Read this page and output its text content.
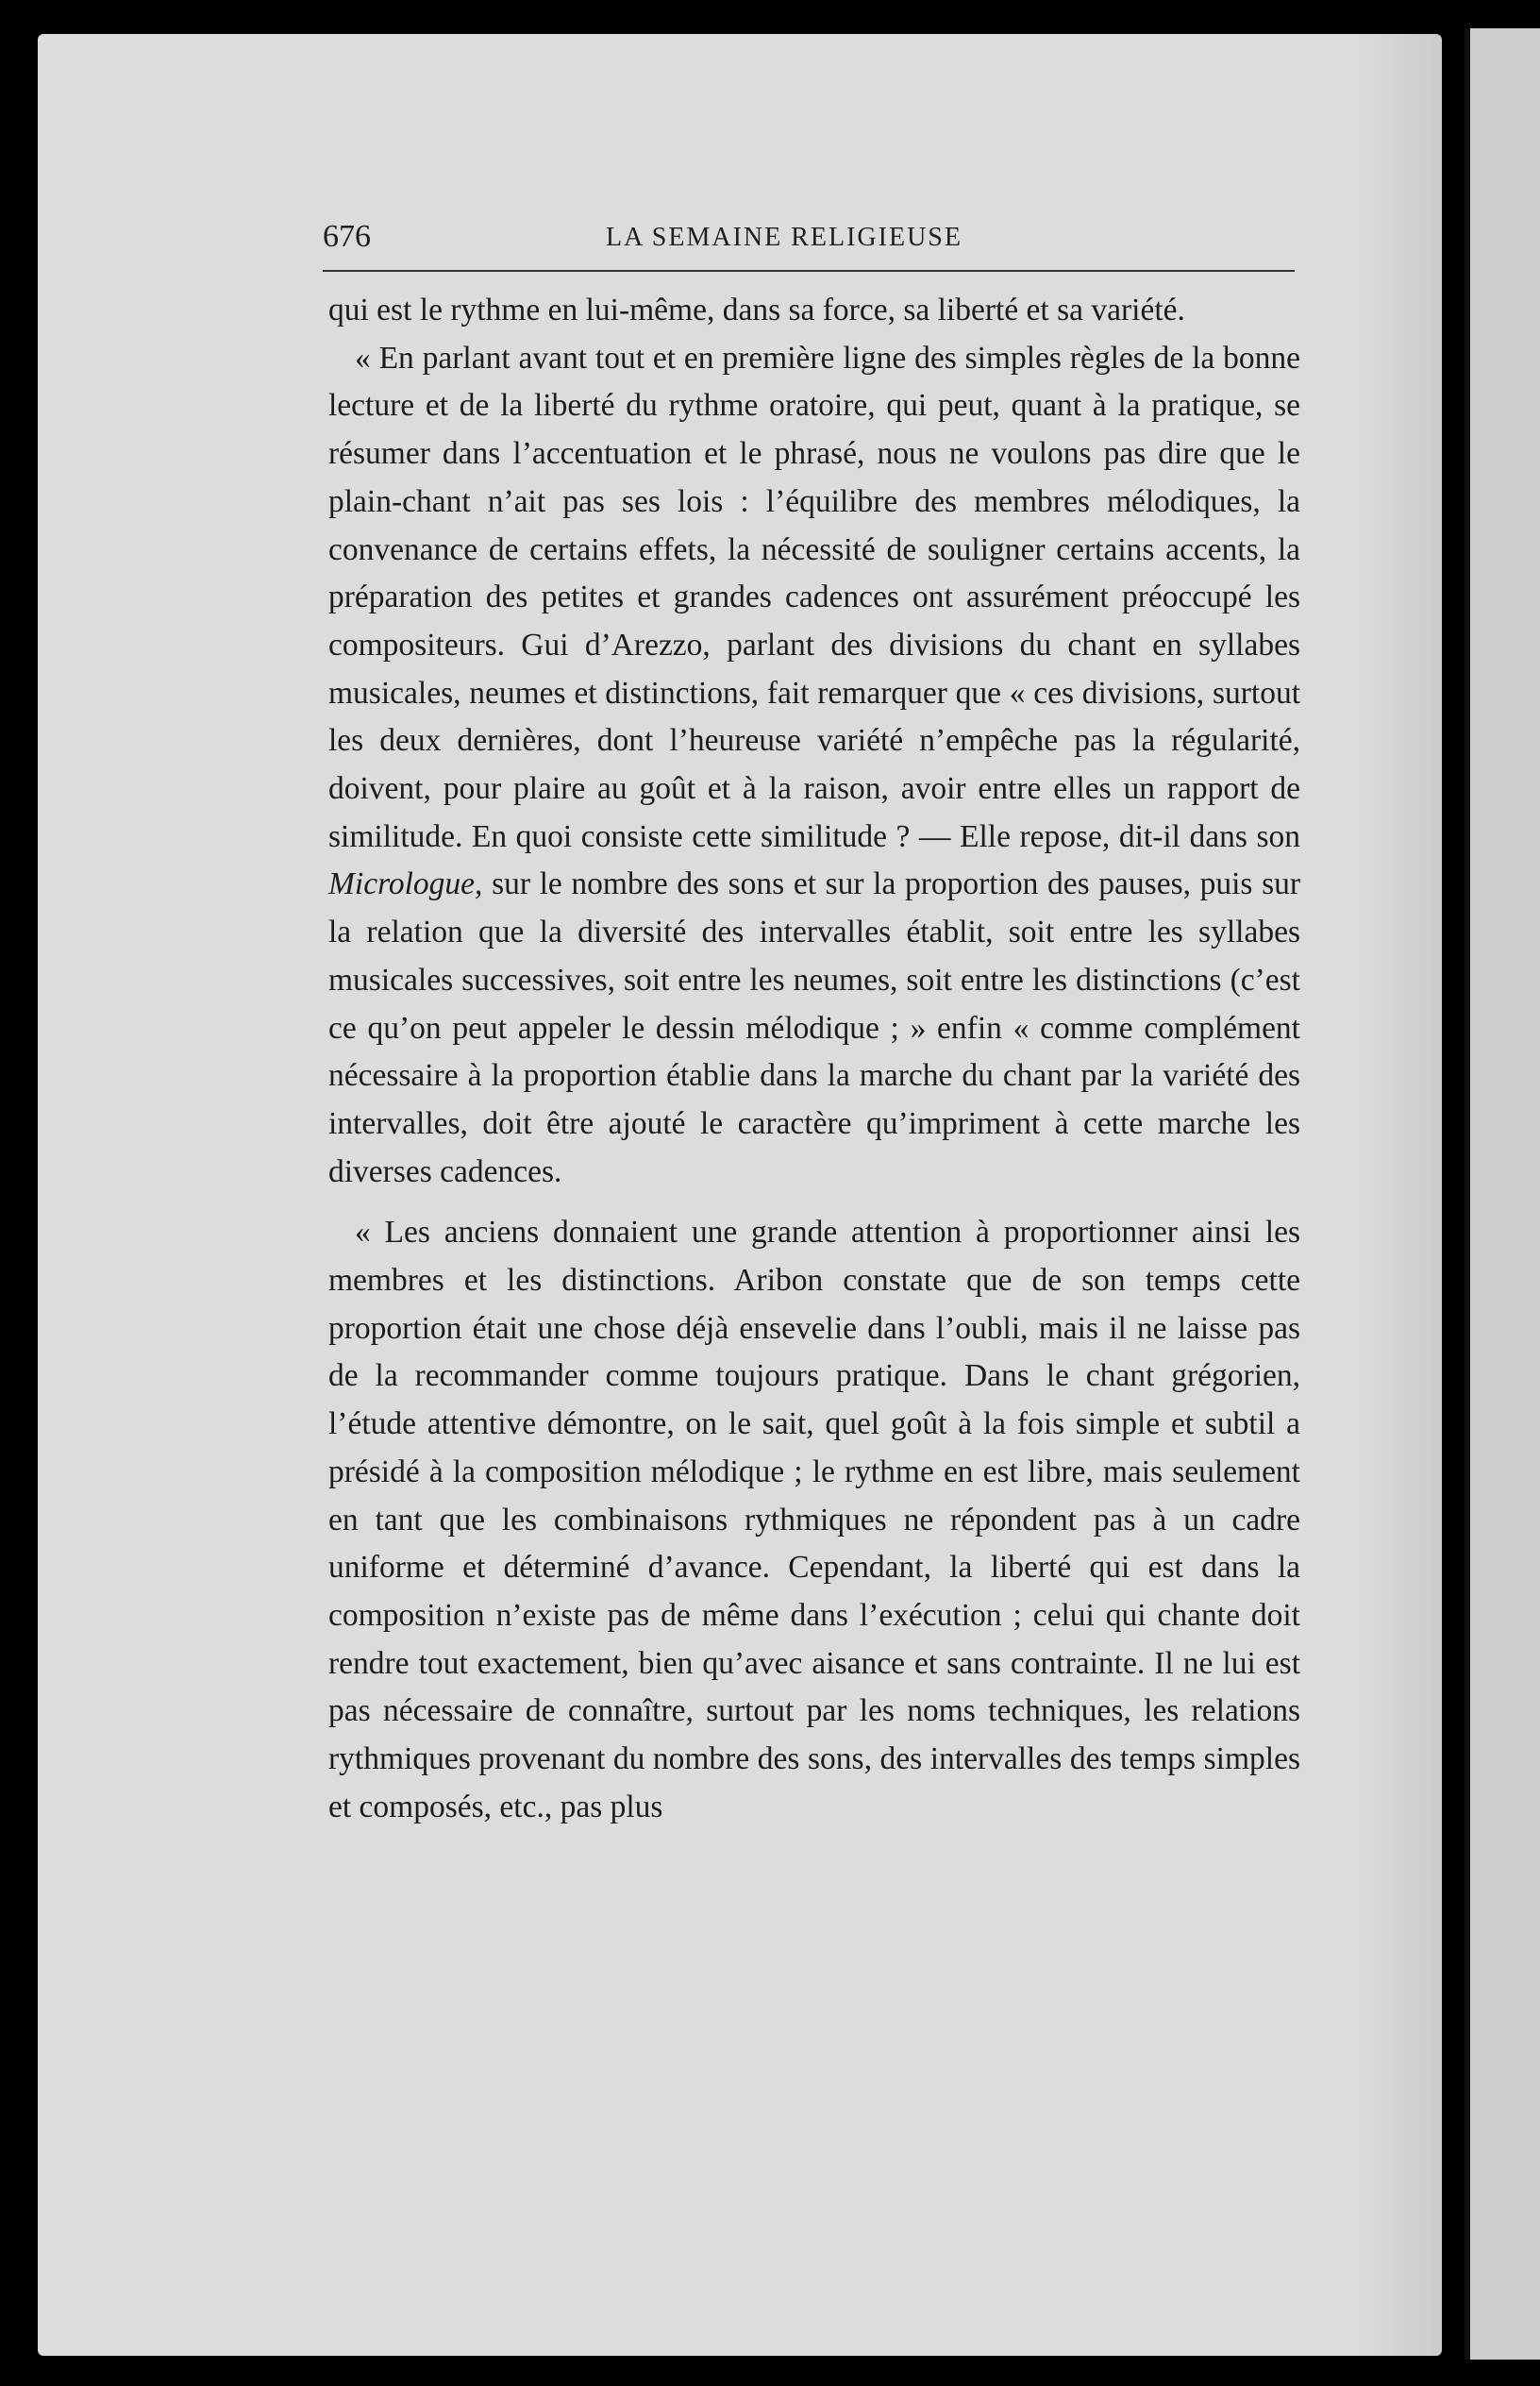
676	LA SEMAINE RELIGIEUSE

qui est le rythme en lui-même, dans sa force, sa liberté et sa variété.

« En parlant avant tout et en première ligne des simples règles de la bonne lecture et de la liberté du rythme oratoire, qui peut, quant à la pratique, se résumer dans l’accentuation et le phrasé, nous ne voulons pas dire que le plain-chant n’ait pas ses lois : l’équilibre des membres mélodiques, la convenance de certains effets, la nécessité de souligner certains accents, la préparation des petites et grandes cadences ont assurément préoccupé les compositeurs. Gui d’Arezzo, parlant des divisions du chant en syllabes musicales, neumes et distinctions, fait remarquer que « ces divisions, surtout les deux dernières, dont l’heureuse variété n’empêche pas la régularité, doivent, pour plaire au goût et à la raison, avoir entre elles un rapport de similitude. En quoi consiste cette similitude ? — Elle repose, dit-il dans son Micrologue, sur le nombre des sons et sur la proportion des pauses, puis sur la relation que la diversité des intervalles établit, soit entre les syllabes musicales successives, soit entre les neumes, soit entre les distinctions (c’est ce qu’on peut appeler le dessin mélodique ; » enfin « comme complément nécessaire à la proportion établie dans la marche du chant par la variété des intervalles, doit être ajouté le caractère qu’impriment à cette marche les diverses cadences.

« Les anciens donnaient une grande attention à proportionner ainsi les membres et les distinctions. Aribon constate que de son temps cette proportion était une chose déjà ensevelie dans l’oubli, mais il ne laisse pas de la recommander comme toujours pratique. Dans le chant grégorien, l’étude attentive démontre, on le sait, quel goût à la fois simple et subtil a présidé à la composition mélodique ; le rythme en est libre, mais seulement en tant que les combinaisons rythmiques ne répondent pas à un cadre uniforme et déterminé d’avance. Cependant, la liberté qui est dans la composition n’existe pas de même dans l’exécution ; celui qui chante doit rendre tout exactement, bien qu’avec aisance et sans contrainte. Il ne lui est pas nécessaire de connaître, surtout par les noms techniques, les relations rythmiques provenant du nombre des sons, des intervalles des temps simples et composés, etc., pas plus
